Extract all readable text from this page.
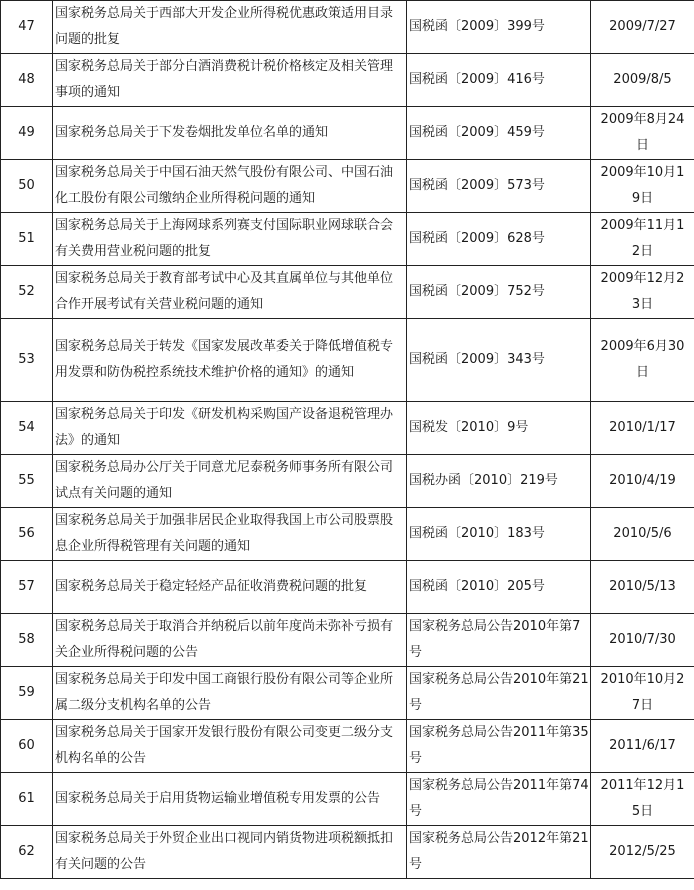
47	国家税务总局关于西部大开发企业所得税优惠政策适用目录问题的批复	国税函〔2009〕399号	2009/7/27
48	国家税务总局关于部分白酒消费税计税价格核定及相关管理事项的通知	国税函〔2009〕416号	2009/8/5
49	国家税务总局关于下发卷烟批发单位名单的通知	国税函〔2009〕459号	2009年8月24日
50	国家税务总局关于中国石油天然气股份有限公司、中国石油化工股份有限公司缴纳企业所得税问题的通知	国税函〔2009〕573号	2009年10月19日
51	国家税务总局关于上海网球系列赛支付国际职业网球联合会有关费用营业税问题的批复	国税函〔2009〕628号	2009年11月12日
52	国家税务总局关于教育部考试中心及其直属单位与其他单位合作开展考试有关营业税问题的通知	国税函〔2009〕752号	2009年12月23日
53	国家税务总局关于转发《国家发展改革委关于降低增值税专用发票和防伪税控系统技术维护价格的通知》的通知	国税函〔2009〕343号	2009年6月30日
54	国家税务总局关于印发《研发机构采购国产设备退税管理办法》的通知	国税发〔2010〕9号	2010/1/17
55	国家税务总局办公厅关于同意尤尼泰税务师事务所有限公司试点有关问题的通知	国税办函〔2010〕219号	2010/4/19
56	国家税务总局关于加强非居民企业取得我国上市公司股票股息企业所得税管理有关问题的通知	国税函〔2010〕183号	2010/5/6
57	国家税务总局关于稳定轻烃产品征收消费税问题的批复	国税函〔2010〕205号	2010/5/13
58	国家税务总局关于取消合并纳税后以前年度尚未弥补亏损有关企业所得税问题的公告	国家税务总局公告2010年第7号	2010/7/30
59	国家税务总局关于印发中国工商银行股份有限公司等企业所属二级分支机构名单的公告	国家税务总局公告2010年第21号	2010年10月27日
60	国家税务总局关于国家开发银行股份有限公司变更二级分支机构名单的公告	国家税务总局公告2011年第35号	2011/6/17
61	国家税务总局关于启用货物运输业增值税专用发票的公告	国家税务总局公告2011年第74号	2011年12月15日
62	国家税务总局关于外贸企业出口视同内销货物进项税额抵扣有关问题的公告	国家税务总局公告2012年第21号	2012/5/25
